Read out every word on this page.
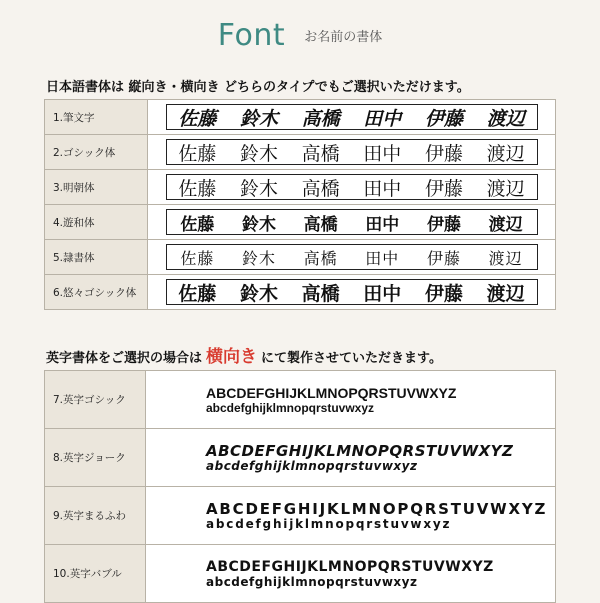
Font お名前の書体
日本語書体は 縦向き・横向き どちらのタイプでもご選択いただけます。
1.筆文字	佐藤 鈴木 高橋 田中 伊藤 渡辺
2.ゴシック体	佐藤 鈴木 高橋 田中 伊藤 渡辺
3.明朝体	佐藤 鈴木 高橋 田中 伊藤 渡辺
4.遊和体	佐藤 鈴木 高橋 田中 伊藤 渡辺
5.隷書体	佐藤 鈴木 高橋 田中 伊藤 渡辺
6.悠々ゴシック体	佐藤 鈴木 高橋 田中 伊藤 渡辺
英字書体をご選択の場合は 横向き にて製作させていただきます。
7.英字ゴシック	ABCDEFGHIJKLMNOPQRSTUVWXYZ
abcdefghijklmnopqrstuvwxyz
8.英字ジョーク	ABCDEFGHIJKLMNOPQRSTUVWXYZ
abcdefghijklmnopqrstuvwxyz
9.英字まるふわ	ABCDEFGHIJKLMNOPQRSTUVWXYZ
abcdefghijklmnopqrstuvwxyz
10.英字バブル	ABCDEFGHIJKLMNOPQRSTUVWXYZ
abcdefghijklmnopqrstuvwxyz
